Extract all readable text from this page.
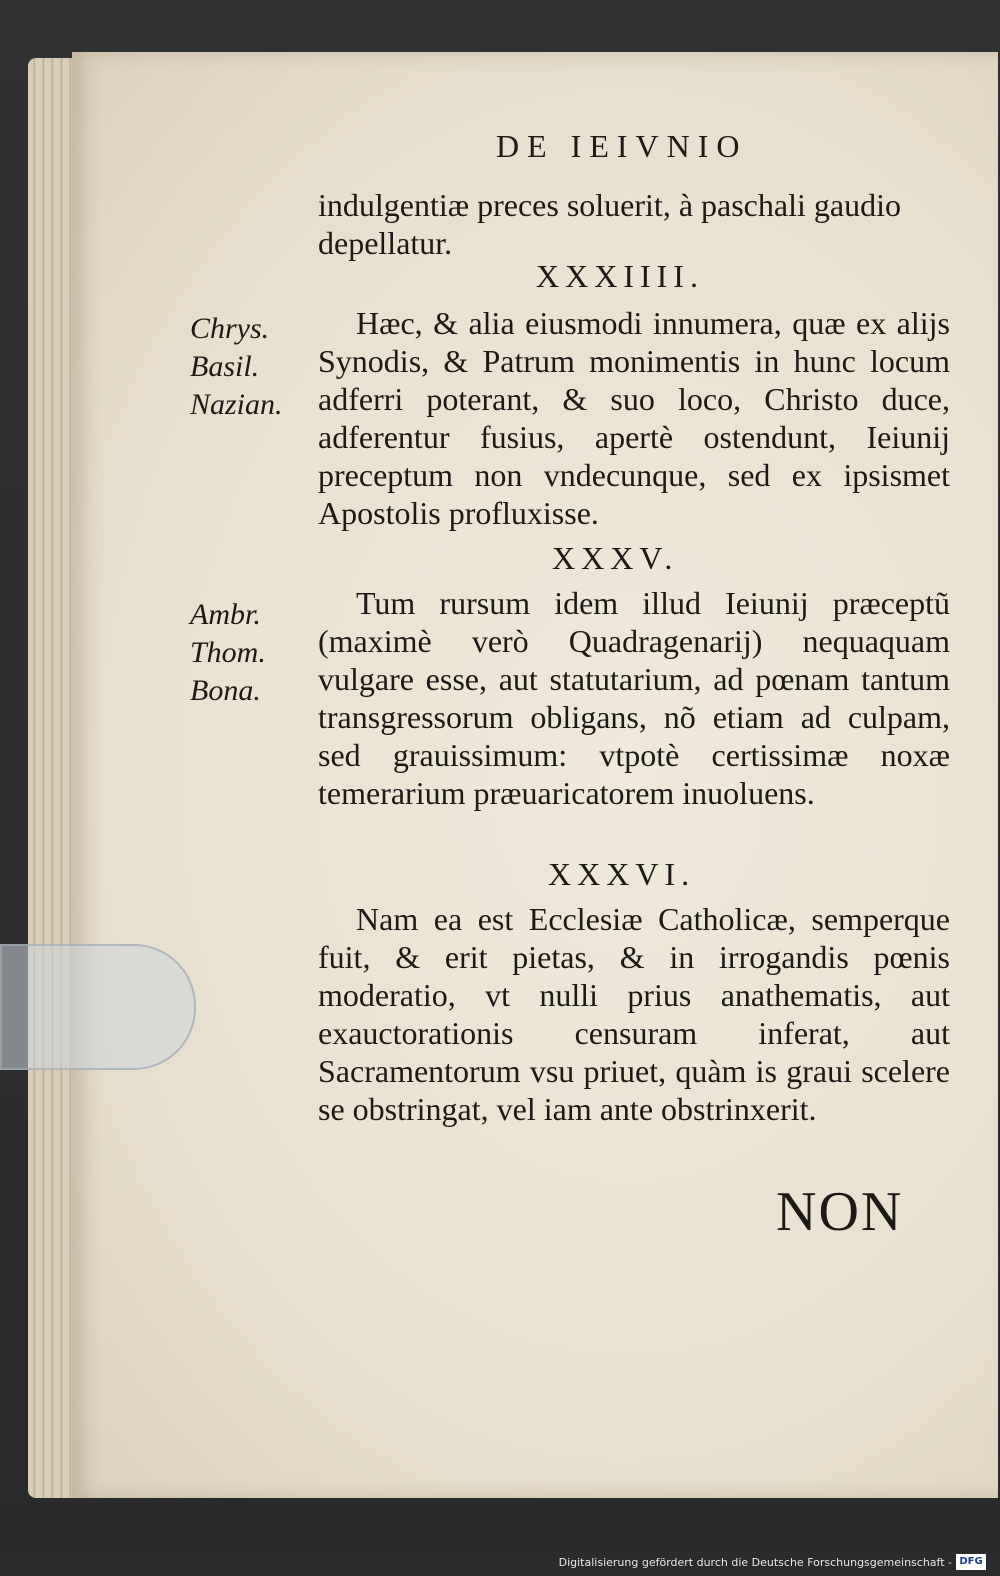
DE IEIVNIO
indulgentiæ preces soluerit, à paschali gaudio depellatur.
XXXIIII.
Hæc, & alia eiusmodi innumera, quæ ex alijs Synodis, & Patrum monimentis in hunc locum adferri poterant, & suo loco, Christo duce, adferentur fusius, apertè ostendunt, Ieiunij preceptum non vndecunque, sed ex ipsismet Apostolis profluxisse.
XXXV.
Tum rursum idem illud Ieiunij præceptũ (maximè verò Quadragenarij) nequaquam vulgare esse, aut statutarium, ad pœnam tantum transgressorum obligans, nõ etiam ad culpam, sed grauissimum: vtpotè certissimæ noxæ temerarium præuaricatorem inuoluens.
XXXVI.
Nam ea est Ecclesiæ Catholicæ, semperque fuit, & erit pietas, & in irrogandis pœnis moderatio, vt nulli prius anathematis, aut exauctorationis censuram inferat, aut Sacramentorum vsu priuet, quàm is graui scelere se obstringat, vel iam ante obstrinxerit.
Chrys.
Basil.
Nazian.
Ambr.
Thom.
Bona.
NON
Digitalisierung gefördert durch die Deutsche Forschungsgemeinschaft - DFG
